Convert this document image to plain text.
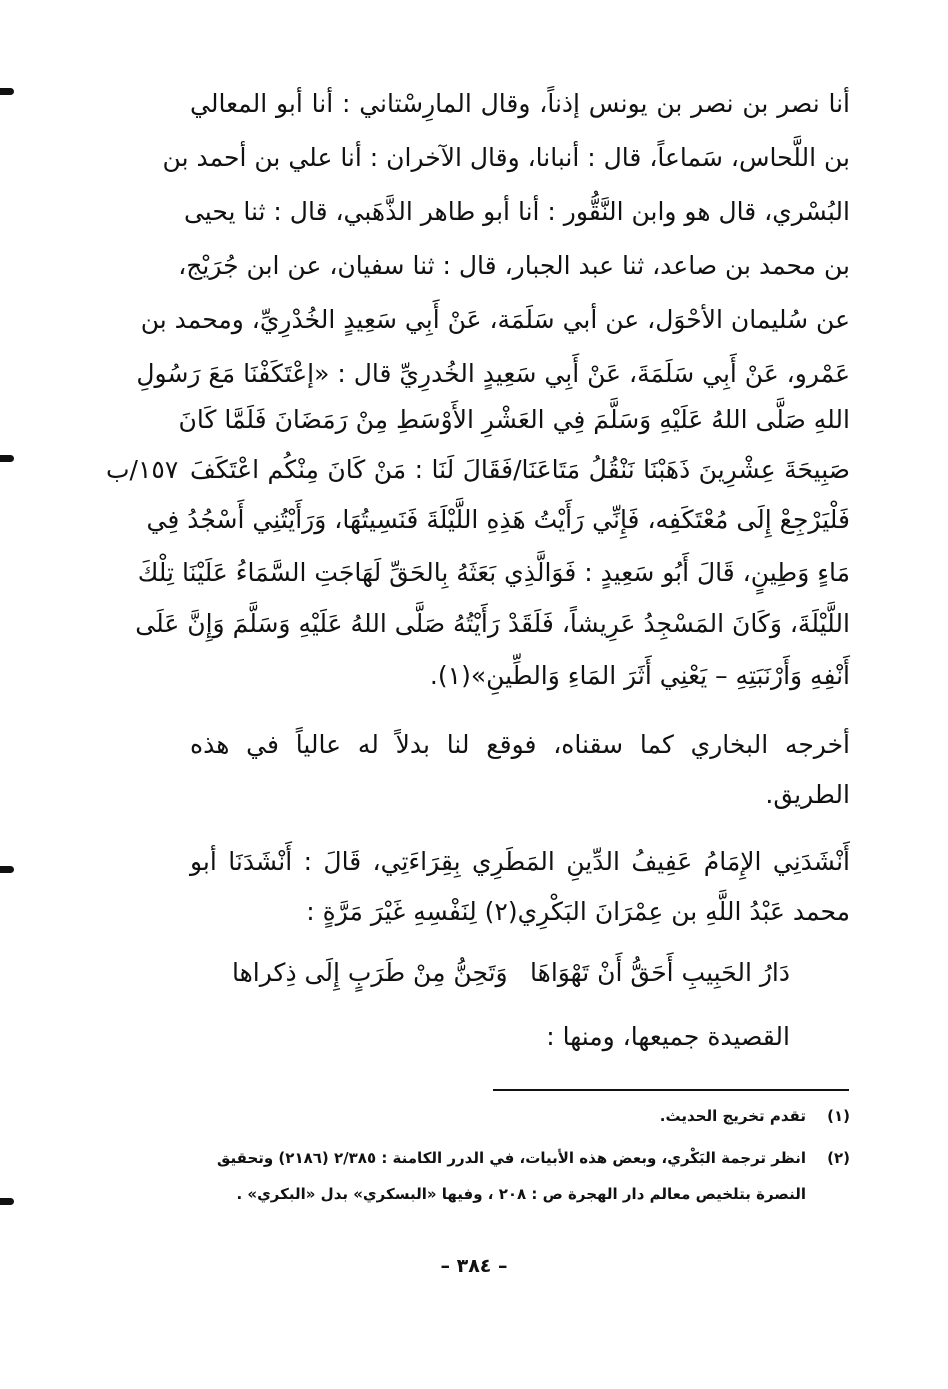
أنا نصر بن نصر بن يونس إذناً، وقال المارِسْتاني : أنا أبو المعالي
بن اللَّحاس، سَماعاً، قال : أنبانا، وقال الآخران : أنا علي بن أحمد بن
البُسْري، قال هو وابن النَّقُّور : أنا أبو طاهر الذَّهَبي، قال : ثنا يحيى
بن محمد بن صاعد، ثنا عبد الجبار، قال : ثنا سفيان، عن ابن جُرَيْج،
عن سُليمان الأحْوَل، عن أبي سَلَمَة، عَنْ أَبِي سَعِيدٍ الخُدْرِيِّ، ومحمد بن
عَمْرو، عَنْ أَبِي سَلَمَةَ، عَنْ أَبِي سَعِيدٍ الخُدرِيِّ قال : «إعْتَكَفْنَا مَعَ رَسُولِ
اللهِ صَلَّى اللهُ عَلَيْهِ وَسَلَّمَ فِي العَشْرِ الأَوْسَطِ مِنْ رَمَضَانَ فَلَمَّا كَانَ
صَبِيحَةَ عِشْرِينَ ذَهَبْنَا نَنْقُلُ مَتَاعَنَا/فَقَالَ لَنَا : مَنْ كَانَ مِنْكُم اعْتَكَفَ
فَلْيَرْجِعْ إِلَى مُعْتَكَفِه، فَإِنِّي رَأَيْتُ هَذِهِ اللَّيْلَةَ فَنَسِيتُهَا، وَرَأَيْتُنِي أَسْجُدُ فِي
مَاءٍ وَطِينٍ، قَالَ أَبُو سَعِيدٍ : فَوَالَّذِي بَعَثَهُ بِالحَقِّ لَهَاجَتِ السَّمَاءُ عَلَيْنَا تِلْكَ
اللَّيْلَةَ، وَكَانَ المَسْجِدُ عَرِيشاً، فَلَقَدْ رَأَيْتُهُ صَلَّى اللهُ عَلَيْهِ وَسَلَّمَ وَإِنَّ عَلَى
أَنْفِهِ وَأَرْنَبَتِهِ – يَعْنِي أَثَرَ المَاءِ وَالطِّينِ»(١).
١٥٧/ب
أخرجه البخاري كما سقناه، فوقع لنا بدلاً له عالياً في هذه
الطريق.
أَنْشَدَنِي الإِمَامُ عَفِيفُ الدِّينِ المَطَرِي بِقِرَاءَتِي، قَالَ : أَنْشَدَنَا أبو
محمد عَبْدُ اللَّهِ بن عِمْرَانَ البَكْرِي(٢) لِنَفْسِهِ غَيْرَ مَرَّةٍ :
دَارُ الحَبِيبِ أَحَقُّ أَنْ تَهْوَاهَا
وَتَحِنُّ مِنْ طَرَبٍ إِلَى ذِكراها
القصيدة جميعها، ومنها :
(١)
تقدم تخريج الحديث.
(٢)
انظر ترجمة البَكْري، وبعض هذه الأبيات، في الدرر الكامنة : ٢/٣٨٥ (٢١٨٦) وتحقيق
النصرة بتلخيص معالم دار الهجرة ص : ٢٠٨ ، وفيها «البسكري» بدل «البكري» .
– ٣٨٤ –
